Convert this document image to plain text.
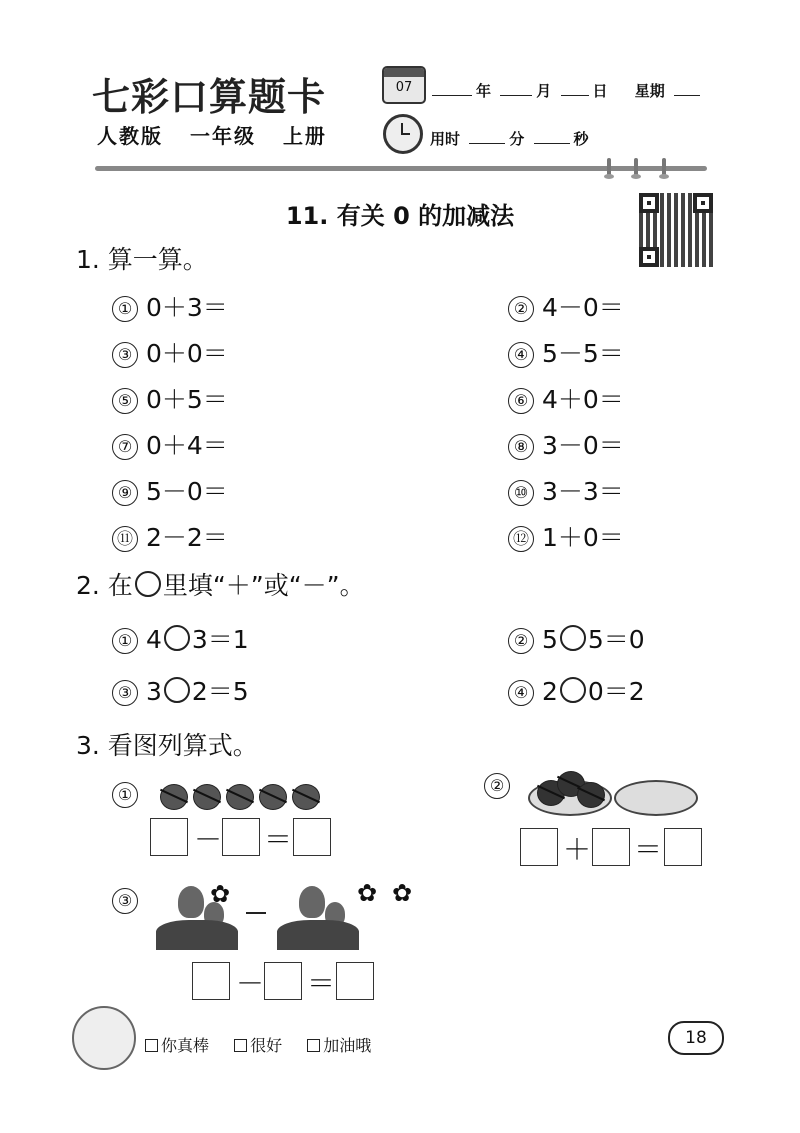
七彩口算题卡
人教版 一年级 上册
07	年	月	日 星期
用时	分	秒
11. 有关 0 的加减法
1. 算一算。
① 0＋3＝	② 4－0＝
③ 0＋0＝	④ 5－5＝
⑤ 0＋5＝	⑥ 4＋0＝
⑦ 0＋4＝	⑧ 3－0＝
⑨ 5－0＝	⑩ 3－3＝
⑪ 2－2＝	⑫ 1＋0＝
2. 在 里填“＋”或“－”。
① 4 3＝1	② 5 5＝0
③ 3 2＝5	④ 2 0＝2
3. 看图列算式。
①
－ ＝
②
＋ ＝
③	✿	✿ ✿
－ ＝
你真棒	很好	加油哦	18
